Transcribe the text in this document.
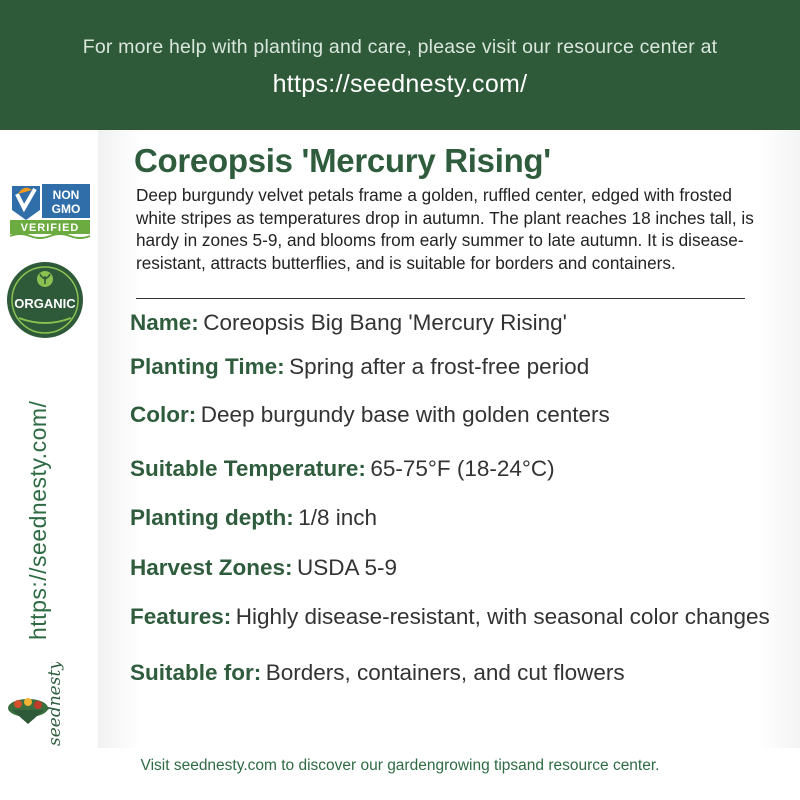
For more help with planting and care, please visit our resource center at
https://seednesty.com/
NON
GMO
VERIFIED
ORGANIC
https://seednesty.com/
seednesty
Coreopsis 'Mercury Rising'

Deep burgundy velvet petals frame a golden, ruffled center, edged with frosted white stripes as temperatures drop in autumn. The plant reaches 18 inches tall, is hardy in zones 5-9, and blooms from early summer to late autumn. It is disease-resistant, attracts butterflies, and is suitable for borders and containers.

Name: Coreopsis Big Bang 'Mercury Rising'
Planting Time: Spring after a frost-free period
Color: Deep burgundy base with golden centers
Suitable Temperature: 65-75°F (18-24°C)
Planting depth: 1/8 inch
Harvest Zones: USDA 5-9
Features: Highly disease-resistant, with seasonal color changes
Suitable for: Borders, containers, and cut flowers
Visit seednesty.com to discover our gardengrowing tipsand resource center.
